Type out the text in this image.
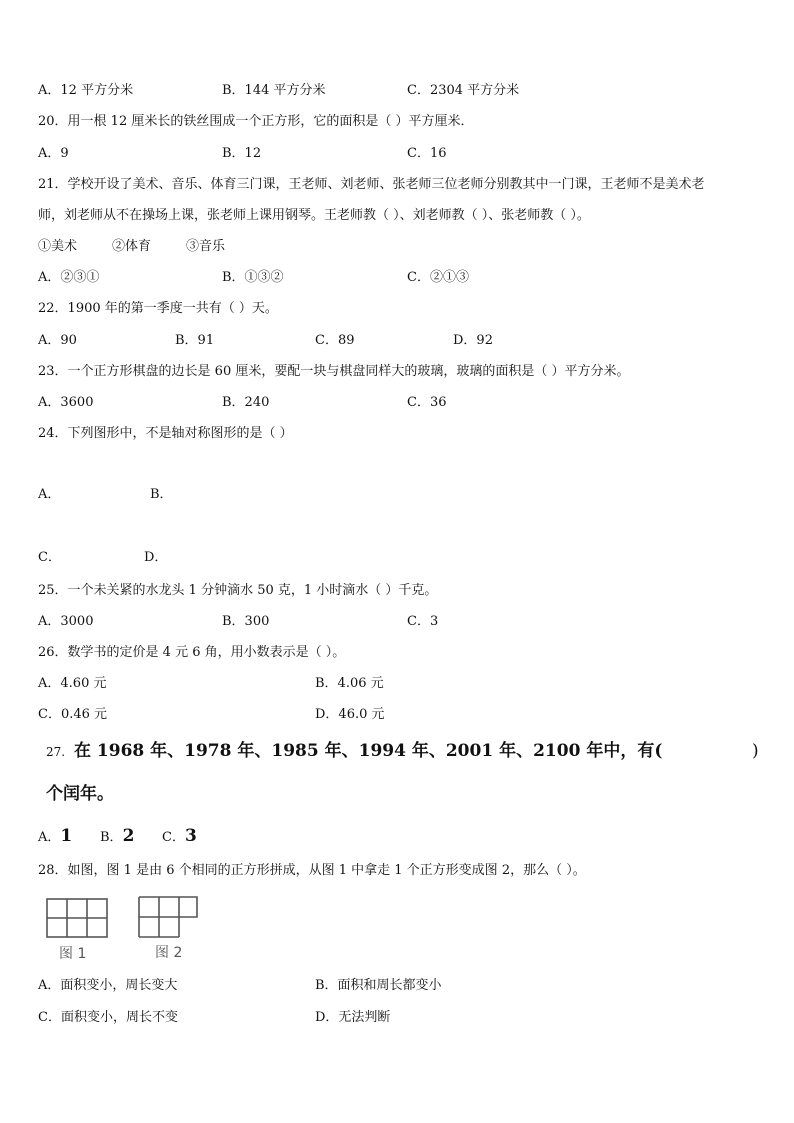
A．12 平方分米	B．144 平方分米	C．2304 平方分米
20．用一根 12 厘米长的铁丝围成一个正方形，它的面积是（ ）平方厘米．
A．9	B．12	C．16
21．学校开设了美术、音乐、体育三门课，王老师、刘老师、张老师三位老师分别教其中一门课，王老师不是美术老
师，刘老师从不在操场上课，张老师上课用钢琴。王老师教（ ）、刘老师教（ ）、张老师教（ ）。
①美术	②体育	③音乐
A．②③①	B．①③②	C．②①③
22．1900 年的第一季度一共有（ ）天。
A．90	B．91	C．89	D．92
23．一个正方形棋盘的边长是 60 厘米，要配一块与棋盘同样大的玻璃，玻璃的面积是（ ）平方分米。
A．3600	B．240	C．36
24．下列图形中，不是轴对称图形的是（ ）
A．	B．
C．	D．
25．一个未关紧的水龙头 1 分钟滴水 50 克，1 小时滴水（ ）千克。
A．3000	B．300	C．3
26．数学书的定价是 4 元 6 角，用小数表示是（ ）。
A．4.60 元	B．4.06 元
C．0.46 元	D．46.0 元
27. 在 1968 年、1978 年、1985 年、1994 年、2001 年、2100 年中，有(	)
个闰年。
A．1 B．2 C．3
28．如图，图 1 是由 6 个相同的正方形拼成，从图 1 中拿走 1 个正方形变成图 2，那么（ ）。
图 1	图 2
A．面积变小，周长变大	B．面积和周长都变小
C．面积变小，周长不变	D．无法判断
